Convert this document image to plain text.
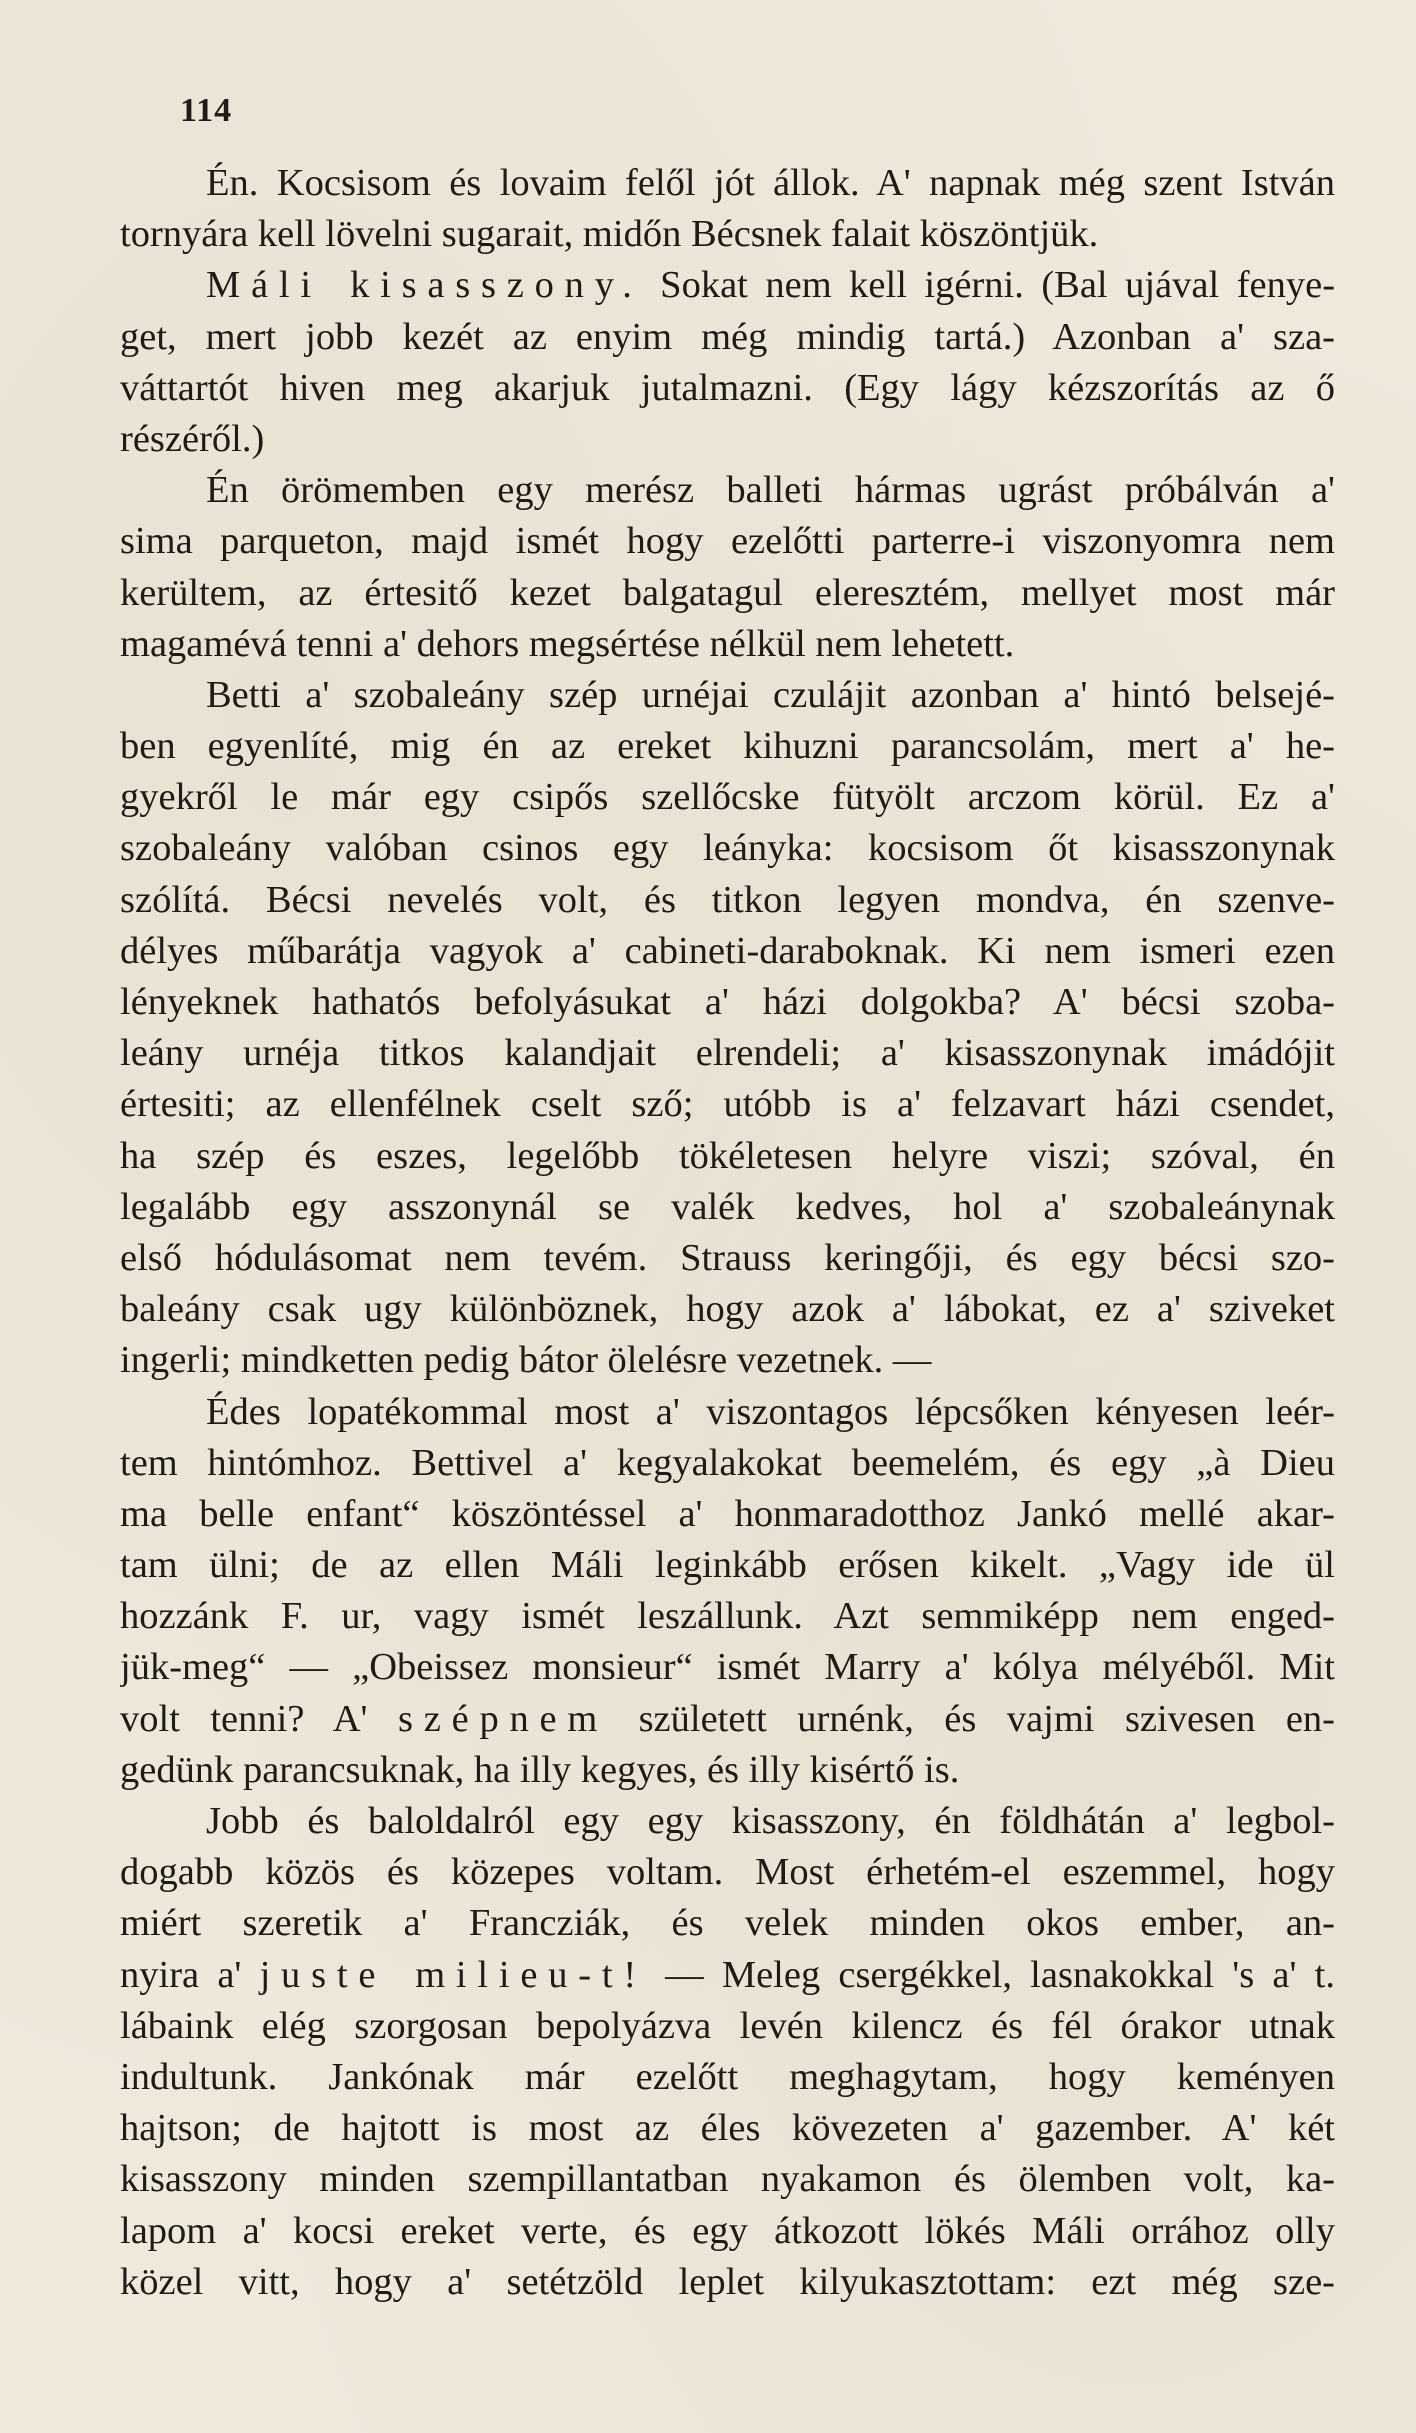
114
Én. Kocsisom és lovaim felől jót állok. A' napnak még szent István
tornyára kell lövelni sugarait, midőn Bécsnek falait köszöntjük.
Máli kisasszony. Sokat nem kell igérni. (Bal ujával fenye-
get, mert jobb kezét az enyim még mindig tartá.) Azonban a' sza-
váttartót hiven meg akarjuk jutalmazni. (Egy lágy kézszorítás az ő
részéről.)
Én örömemben egy merész balleti hármas ugrást próbálván a'
sima parqueton, majd ismét hogy ezelőtti parterre-i viszonyomra nem
kerültem, az értesitő kezet balgatagul eleresztém, mellyet most már
magamévá tenni a' dehors megsértése nélkül nem lehetett.
Betti a' szobaleány szép urnéjai czulájit azonban a' hintó belsejé-
ben egyenlíté, mig én az ereket kihuzni parancsolám, mert a' he-
gyekről le már egy csipős szellőcske fütyölt arczom körül. Ez a'
szobaleány valóban csinos egy leányka: kocsisom őt kisasszonynak
szólítá. Bécsi nevelés volt, és titkon legyen mondva, én szenve-
délyes műbarátja vagyok a' cabineti-daraboknak. Ki nem ismeri ezen
lényeknek hathatós befolyásukat a' házi dolgokba? A' bécsi szoba-
leány urnéja titkos kalandjait elrendeli; a' kisasszonynak imádójit
értesiti; az ellenfélnek cselt sző; utóbb is a' felzavart házi csendet,
ha szép és eszes, legelőbb tökéletesen helyre viszi; szóval, én
legalább egy asszonynál se valék kedves, hol a' szobaleánynak
első hódulásomat nem tevém. Strauss keringőji, és egy bécsi szo-
baleány csak ugy különböznek, hogy azok a' lábokat, ez a' sziveket
ingerli; mindketten pedig bátor ölelésre vezetnek. —
Édes lopatékommal most a' viszontagos lépcsőken kényesen leér-
tem hintómhoz. Bettivel a' kegyalakokat beemelém, és egy „à Dieu
ma belle enfant“ köszöntéssel a' honmaradotthoz Jankó mellé akar-
tam ülni; de az ellen Máli leginkább erősen kikelt. „Vagy ide ül
hozzánk F. ur, vagy ismét leszállunk. Azt semmiképp nem enged-
jük-meg“ — „Obeissez monsieur“ ismét Marry a' kólya mélyéből. Mit
volt tenni? A' szépnem született urnénk, és vajmi szivesen en-
gedünk parancsuknak, ha illy kegyes, és illy kisértő is.
Jobb és baloldalról egy egy kisasszony, én földhátán a' legbol-
dogabb közös és közepes voltam. Most érhetém-el eszemmel, hogy
miért szeretik a' Francziák, és velek minden okos ember, an-
nyira a' juste milieu-t! — Meleg csergékkel, lasnakokkal 's a' t.
lábaink elég szorgosan bepolyázva levén kilencz és fél órakor utnak
indultunk. Jankónak már ezelőtt meghagytam, hogy keményen
hajtson; de hajtott is most az éles kövezeten a' gazember. A' két
kisasszony minden szempillantatban nyakamon és ölemben volt, ka-
lapom a' kocsi ereket verte, és egy átkozott lökés Máli orrához olly
közel vitt, hogy a' setétzöld leplet kilyukasztottam: ezt még sze-
